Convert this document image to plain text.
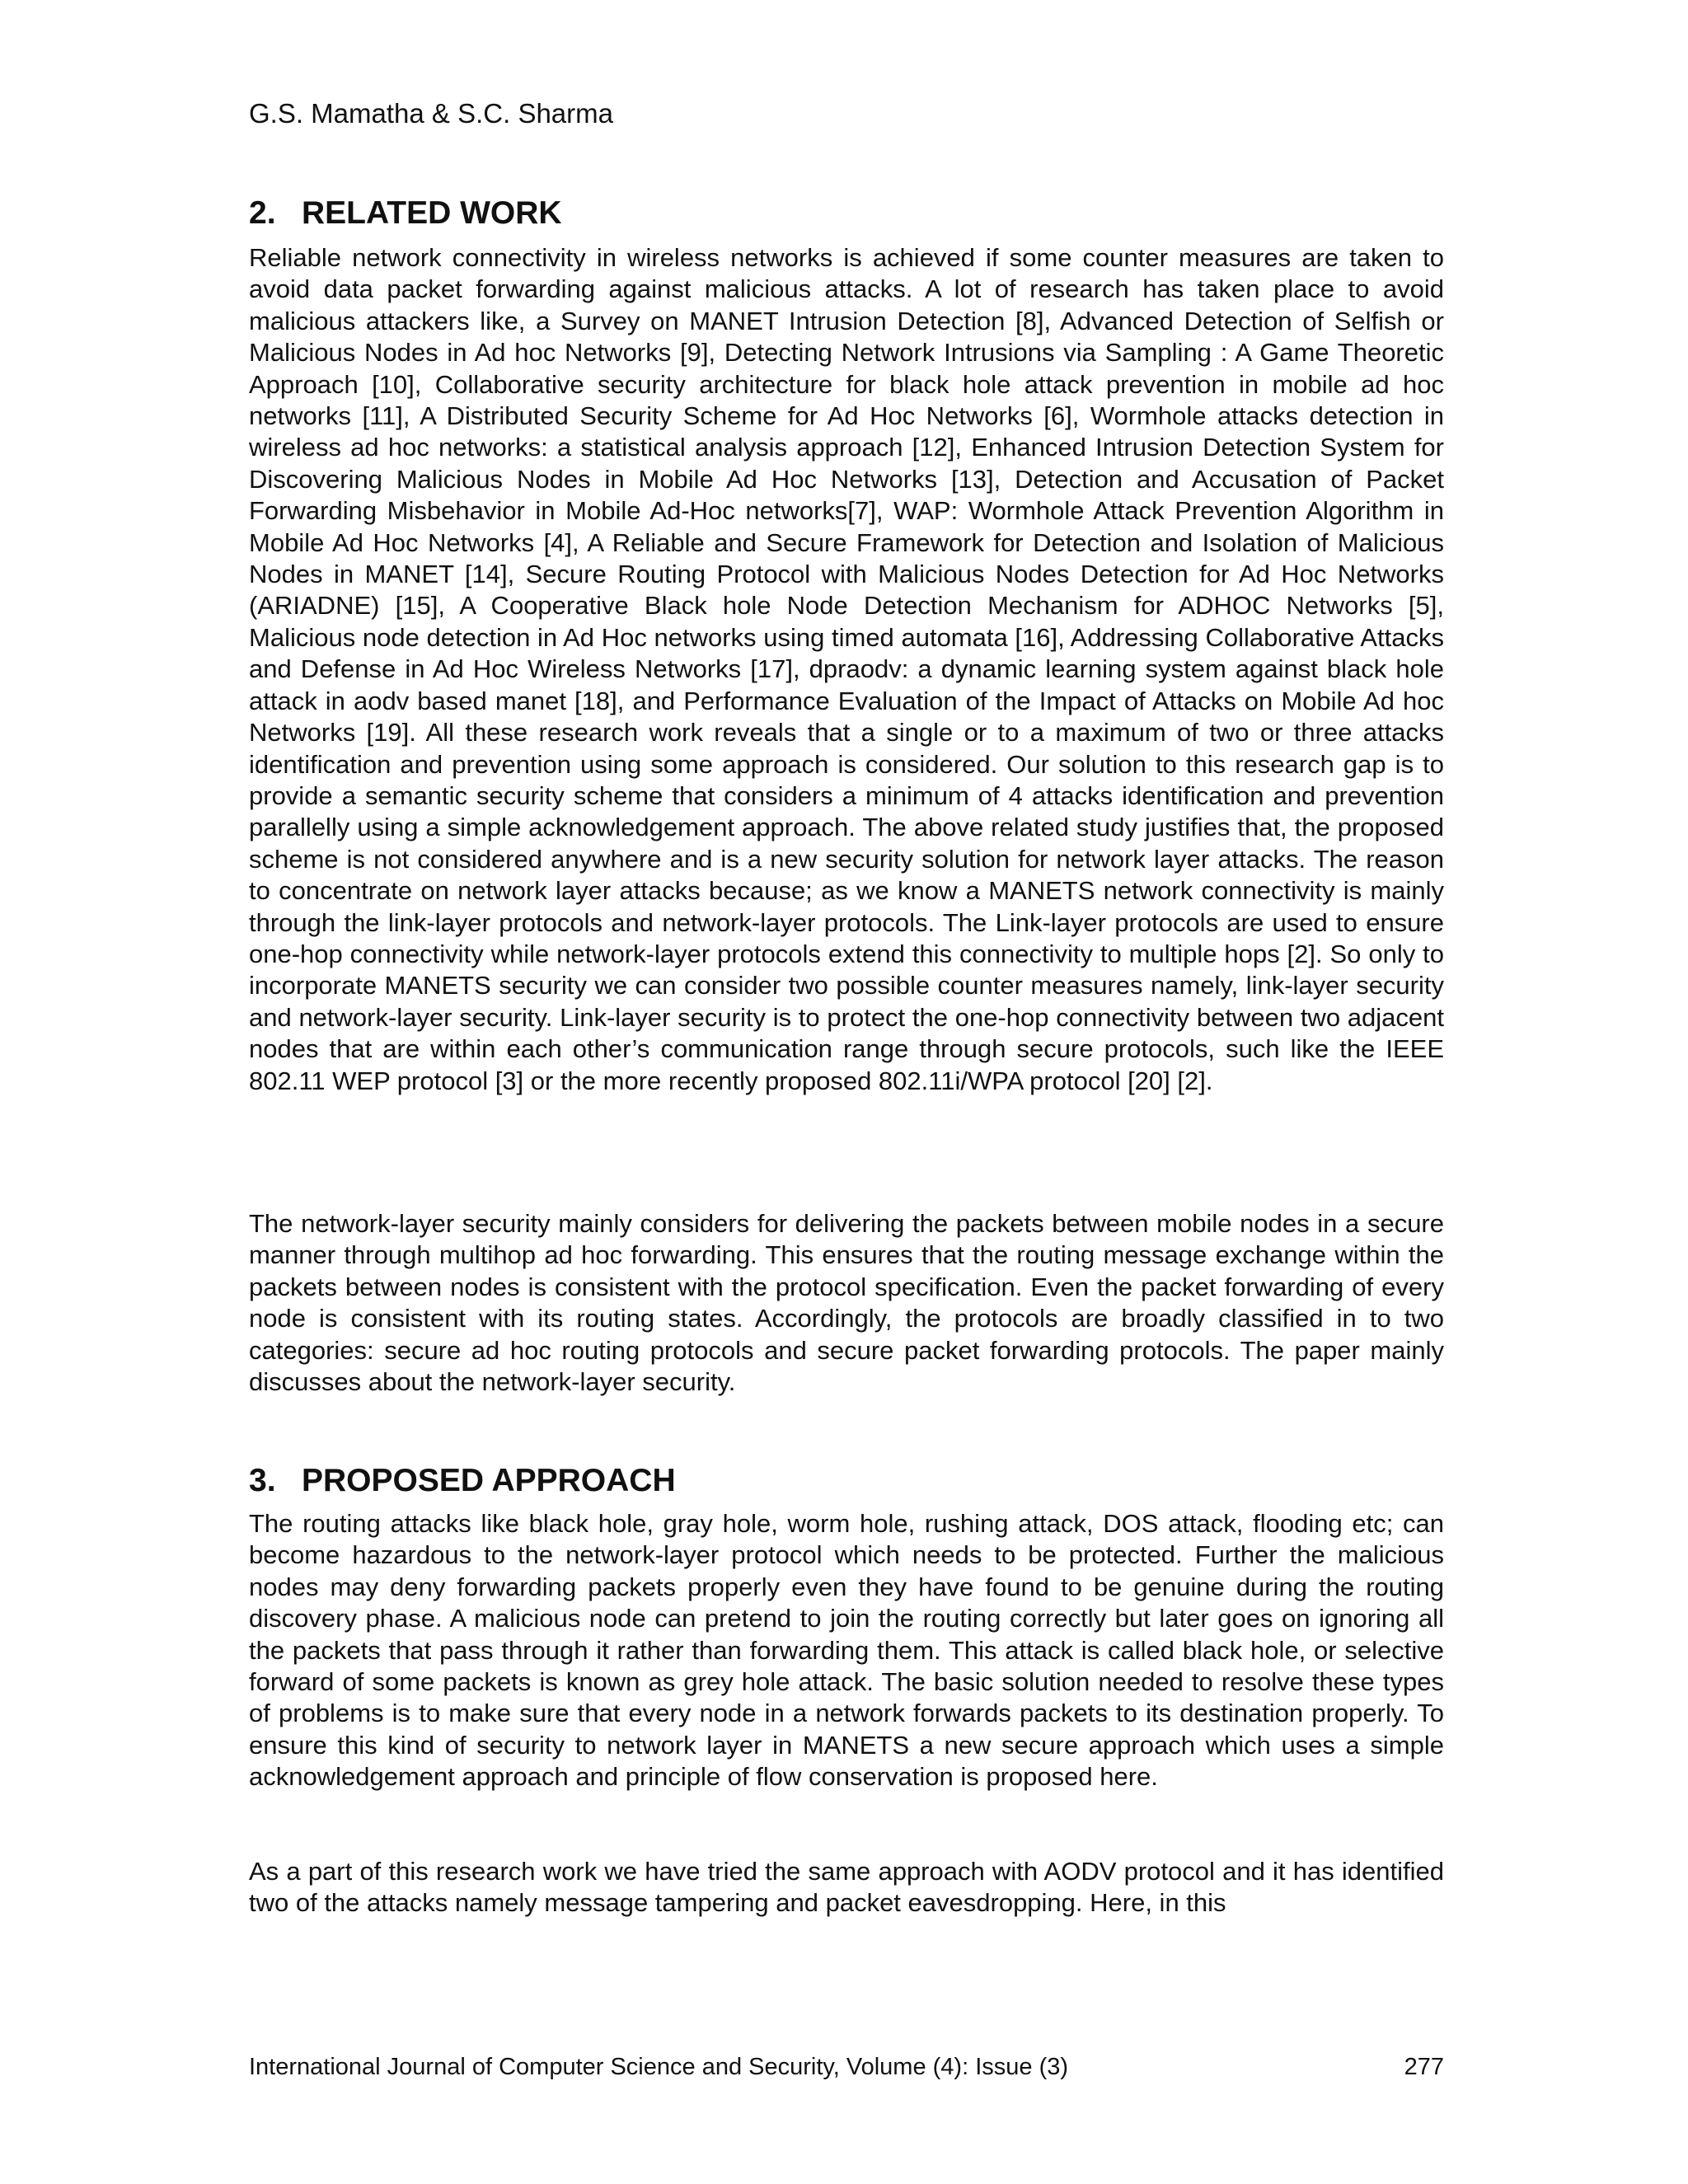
G.S. Mamatha & S.C. Sharma
2. RELATED WORK

Reliable network connectivity in wireless networks is achieved if some counter measures are taken to avoid data packet forwarding against malicious attacks. A lot of research has taken place to avoid malicious attackers like, a Survey on MANET Intrusion Detection [8], Advanced Detection of Selfish or Malicious Nodes in Ad hoc Networks [9], Detecting Network Intrusions via Sampling : A Game Theoretic Approach [10], Collaborative security architecture for black hole attack prevention in mobile ad hoc networks [11], A Distributed Security Scheme for Ad Hoc Networks [6], Wormhole attacks detection in wireless ad hoc networks: a statistical analysis approach [12], Enhanced Intrusion Detection System for Discovering Malicious Nodes in Mobile Ad Hoc Networks [13], Detection and Accusation of Packet Forwarding Misbehavior in Mobile Ad-Hoc networks[7], WAP: Wormhole Attack Prevention Algorithm in Mobile Ad Hoc Networks [4], A Reliable and Secure Framework for Detection and Isolation of Malicious Nodes in MANET [14], Secure Routing Protocol with Malicious Nodes Detection for Ad Hoc Networks (ARIADNE) [15], A Cooperative Black hole Node Detection Mechanism for ADHOC Networks [5], Malicious node detection in Ad Hoc networks using timed automata [16], Addressing Collaborative Attacks and Defense in Ad Hoc Wireless Networks [17], dpraodv: a dynamic learning system against black hole attack in aodv based manet [18], and Performance Evaluation of the Impact of Attacks on Mobile Ad hoc Networks [19]. All these research work reveals that a single or to a maximum of two or three attacks identification and prevention using some approach is considered. Our solution to this research gap is to provide a semantic security scheme that considers a minimum of 4 attacks identification and prevention parallelly using a simple acknowledgement approach. The above related study justifies that, the proposed scheme is not considered anywhere and is a new security solution for network layer attacks. The reason to concentrate on network layer attacks because; as we know a MANETS network connectivity is mainly through the link-layer protocols and network-layer protocols. The Link-layer protocols are used to ensure one-hop connectivity while network-layer protocols extend this connectivity to multiple hops [2]. So only to incorporate MANETS security we can consider two possible counter measures namely, link-layer security and network-layer security. Link-layer security is to protect the one-hop connectivity between two adjacent nodes that are within each other’s communication range through secure protocols, such like the IEEE 802.11 WEP protocol [3] or the more recently proposed 802.11i/WPA protocol [20] [2].

The network-layer security mainly considers for delivering the packets between mobile nodes in a secure manner through multihop ad hoc forwarding. This ensures that the routing message exchange within the packets between nodes is consistent with the protocol specification. Even the packet forwarding of every node is consistent with its routing states. Accordingly, the protocols are broadly classified in to two categories: secure ad hoc routing protocols and secure packet forwarding protocols. The paper mainly discusses about the network-layer security.

3. PROPOSED APPROACH

The routing attacks like black hole, gray hole, worm hole, rushing attack, DOS attack, flooding etc; can become hazardous to the network-layer protocol which needs to be protected. Further the malicious nodes may deny forwarding packets properly even they have found to be genuine during the routing discovery phase. A malicious node can pretend to join the routing correctly but later goes on ignoring all the packets that pass through it rather than forwarding them. This attack is called black hole, or selective forward of some packets is known as grey hole attack. The basic solution needed to resolve these types of problems is to make sure that every node in a network forwards packets to its destination properly. To ensure this kind of security to network layer in MANETS a new secure approach which uses a simple acknowledgement approach and principle of flow conservation is proposed here.

As a part of this research work we have tried the same approach with AODV protocol and it has identified two of the attacks namely message tampering and packet eavesdropping. Here, in this

International Journal of Computer Science and Security, Volume (4): Issue (3)	277
